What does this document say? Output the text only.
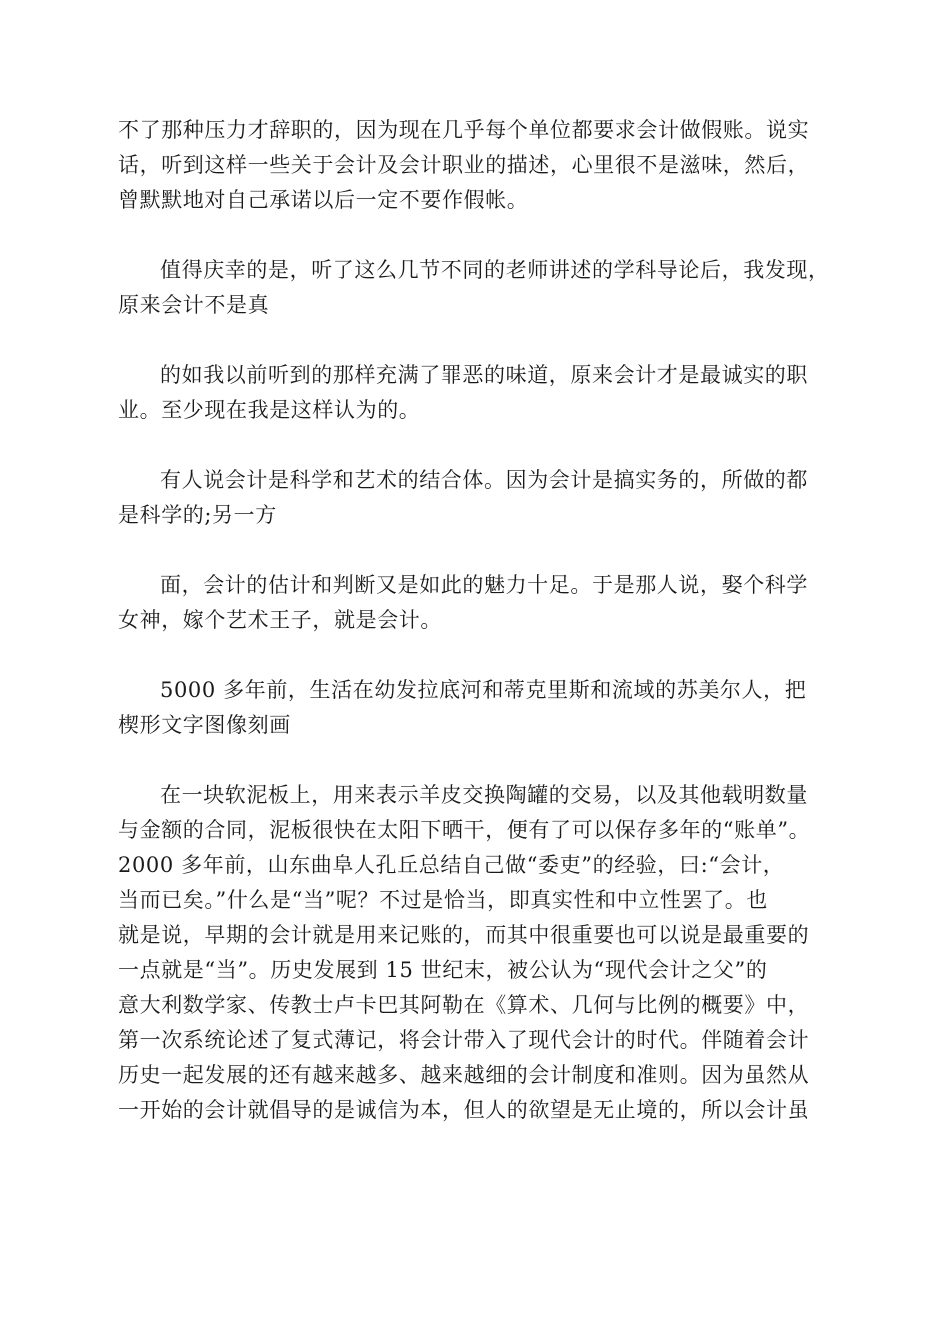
不了那种压力才辞职的，因为现在几乎每个单位都要求会计做假账。说实
话，听到这样一些关于会计及会计职业的描述，心里很不是滋味，然后，
曾默默地对自己承诺以后一定不要作假帐。
值得庆幸的是，听了这么几节不同的老师讲述的学科导论后，我发现，
原来会计不是真
的如我以前听到的那样充满了罪恶的味道，原来会计才是最诚实的职
业。至少现在我是这样认为的。
有人说会计是科学和艺术的结合体。因为会计是搞实务的，所做的都
是科学的;另一方
面，会计的估计和判断又是如此的魅力十足。于是那人说，娶个科学
女神，嫁个艺术王子，就是会计。
5000 多年前，生活在幼发拉底河和蒂克里斯和流域的苏美尔人，把
楔形文字图像刻画
在一块软泥板上，用来表示羊皮交换陶罐的交易，以及其他载明数量
与金额的合同，泥板很快在太阳下晒干，便有了可以保存多年的“账单”。
2000 多年前，山东曲阜人孔丘总结自己做“委吏”的经验，曰:“会计，
当而已矣。”什么是“当”呢？不过是恰当，即真实性和中立性罢了。也
就是说，早期的会计就是用来记账的，而其中很重要也可以说是最重要的
一点就是“当”。历史发展到 15 世纪末，被公认为“现代会计之父”的
意大利数学家、传教士卢卡巴其阿勒在《算术、几何与比例的概要》中，
第一次系统论述了复式薄记，将会计带入了现代会计的时代。伴随着会计
历史一起发展的还有越来越多、越来越细的会计制度和准则。因为虽然从
一开始的会计就倡导的是诚信为本，但人的欲望是无止境的，所以会计虽
